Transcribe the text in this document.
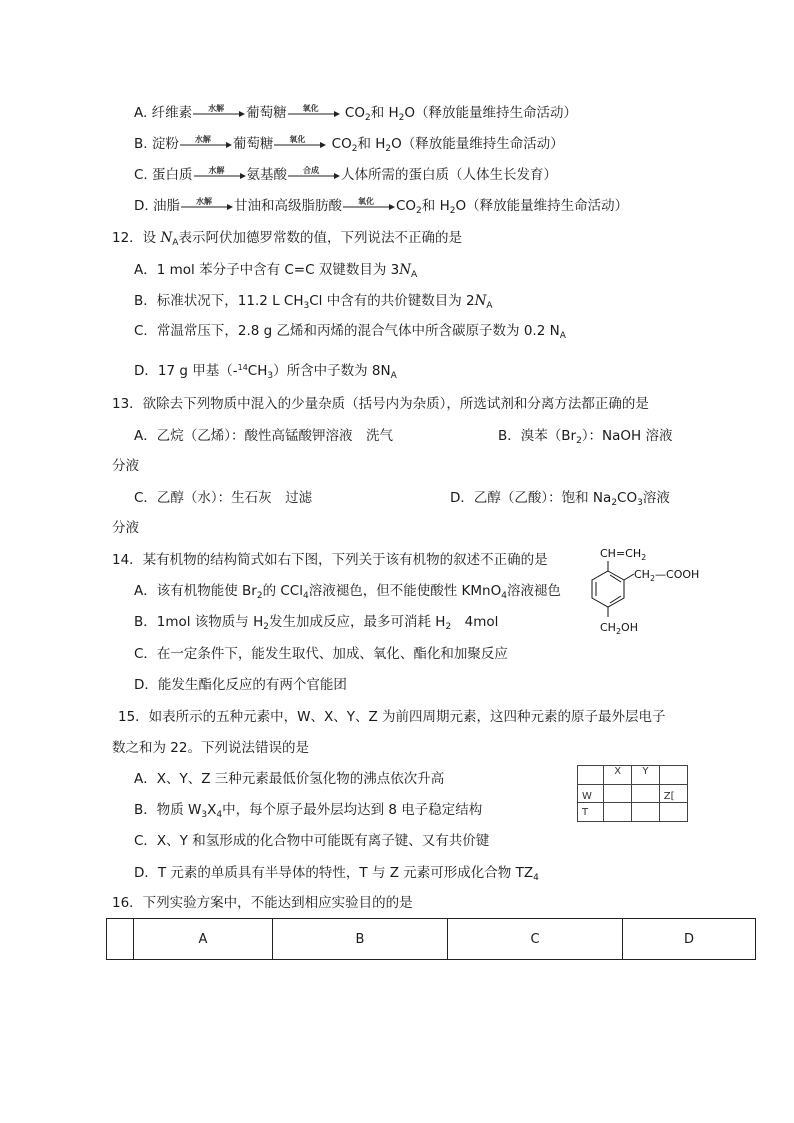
A. 纤维素	水解	葡萄糖	氧化	$CO_2$和 $H_2O$（释放能量维持生命活动）
B. 淀粉	水解	葡萄糖	氧化	$CO_2$和 $H_2O$（释放能量维持生命活动）
C. 蛋白质	水解	氨基酸	合成	人体所需的蛋白质（人体生长发育）
D. 油脂	水解	甘油和高级脂肪酸	氧化	$CO_2$和 $H_2O$（释放能量维持生命活动）
12．设 $N_A$表示阿伏加德罗常数的值，下列说法不正确的是
A．1 mol 苯分子中含有 C=C 双键数目为 $3N_A$
B．标准状况下，11.2 L $CH_3Cl$ 中含有的共价键数目为 $2N_A$
C．常温常压下，2.8 g 乙烯和丙烯的混合气体中所含碳原子数为 0.2 $N_A$
D．17 g 甲基$(-^{14}CH_3)$所含中子数为 $8N_A$
13．欲除去下列物质中混入的少量杂质（括号内为杂质），所选试剂和分离方法都正确的是
A．乙烷（乙烯）：酸性高锰酸钾溶液　洗气	B．溴苯$(Br_2)$：NaOH 溶液
分液
C．乙醇（水）：生石灰　过滤	D．乙醇（乙酸）：饱和 $Na_2CO_3$溶液
分液
14．某有机物的结构简式如右下图，下列关于该有机物的叙述不正确的是
A．该有机物能使 $Br_2$的 CCl$_4$溶液褪色，但不能使酸性 KMnO$_4$溶液褪色
B．1mol 该物质与 $H_2$发生加成反应，最多可消耗 $H_2$　4mol
C．在一定条件下，能发生取代、加成、氧化、酯化和加聚反应
D．能发生酯化反应的有两个官能团
$CH=CH_2$
$CH_2—COOH$
$CH_2OH$
15．如表所示的五种元素中，W、X、Y、Z 为前四周期元素，这四种元素的原子最外层电子
数之和为 22。下列说法错误的是
A．X、Y、Z 三种元素最低价氢化物的沸点依次升高
B．物质 $W_3X_4$中，每个原子最外层均达到 8 电子稳定结构
C．X、Y 和氢形成的化合物中可能既有离子键、又有共价键
D．T 元素的单质具有半导体的特性，T 与 Z 元素可形成化合物 $TZ_4$
	X	Y	
W			Z[
T			
16．下列实验方案中，不能达到相应实验目的的是
	A	B	C	D
